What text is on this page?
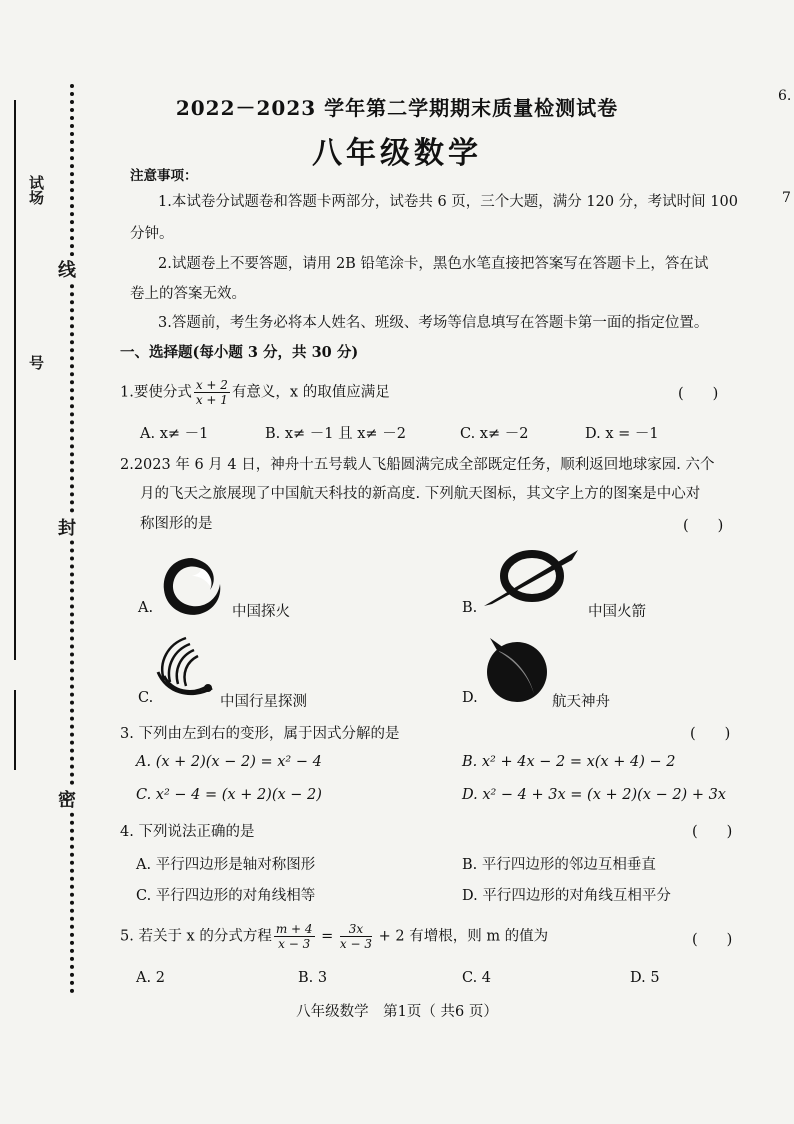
试场
号
线
封
密
6.
7
2022－2023 学年第二学期期末质量检测试卷
八年级数学
注意事项：
1.本试卷分试题卷和答题卡两部分，试卷共 6 页，三个大题，满分 120 分，考试时间 100
分钟。
2.试题卷上不要答题，请用 2B 铅笔涂卡，黑色水笔直接把答案写在答题卡上，答在试
卷上的答案无效。
3.答题前，考生务必将本人姓名、班级、考场等信息填写在答题卡第一面的指定位置。
一、选择题(每小题 3 分，共 30 分)
1.要使分式 $\frac{x + 2}{x + 1}$ 有意义，x 的取值应满足	(　　)
A. x≠ －1	B. x≠ －1 且 x≠ －2	C. x≠ －2	D. x = －1
2.2023 年 6 月 4 日，神舟十五号载人飞船圆满完成全部既定任务，顺利返回地球家园. 六个
月的飞天之旅展现了中国航天科技的新高度. 下列航天图标，其文字上方的图案是中心对
称图形的是	(　　)
A.	中国探火	B.	中国火箭
C.	中国行星探测	D.	航天神舟
3. 下列由左到右的变形，属于因式分解的是	(　　)
A. (x + 2)(x − 2) = x² − 4	B. x² + 4x − 2 = x(x + 4) − 2
C. x² − 4 = (x + 2)(x − 2)	D. x² − 4 + 3x = (x + 2)(x − 2) + 3x
4. 下列说法正确的是	(　　)
A. 平行四边形是轴对称图形	B. 平行四边形的邻边互相垂直
C. 平行四边形的对角线相等	D. 平行四边形的对角线互相平分
5. 若关于 x 的分式方程 $\frac{m + 4}{x - 3} = \frac{3x}{x - 3} + 2$ 有增根，则 m 的值为	(　　)
A. 2	B. 3	C. 4	D. 5
八年级数学　第1页（ 共6 页）
